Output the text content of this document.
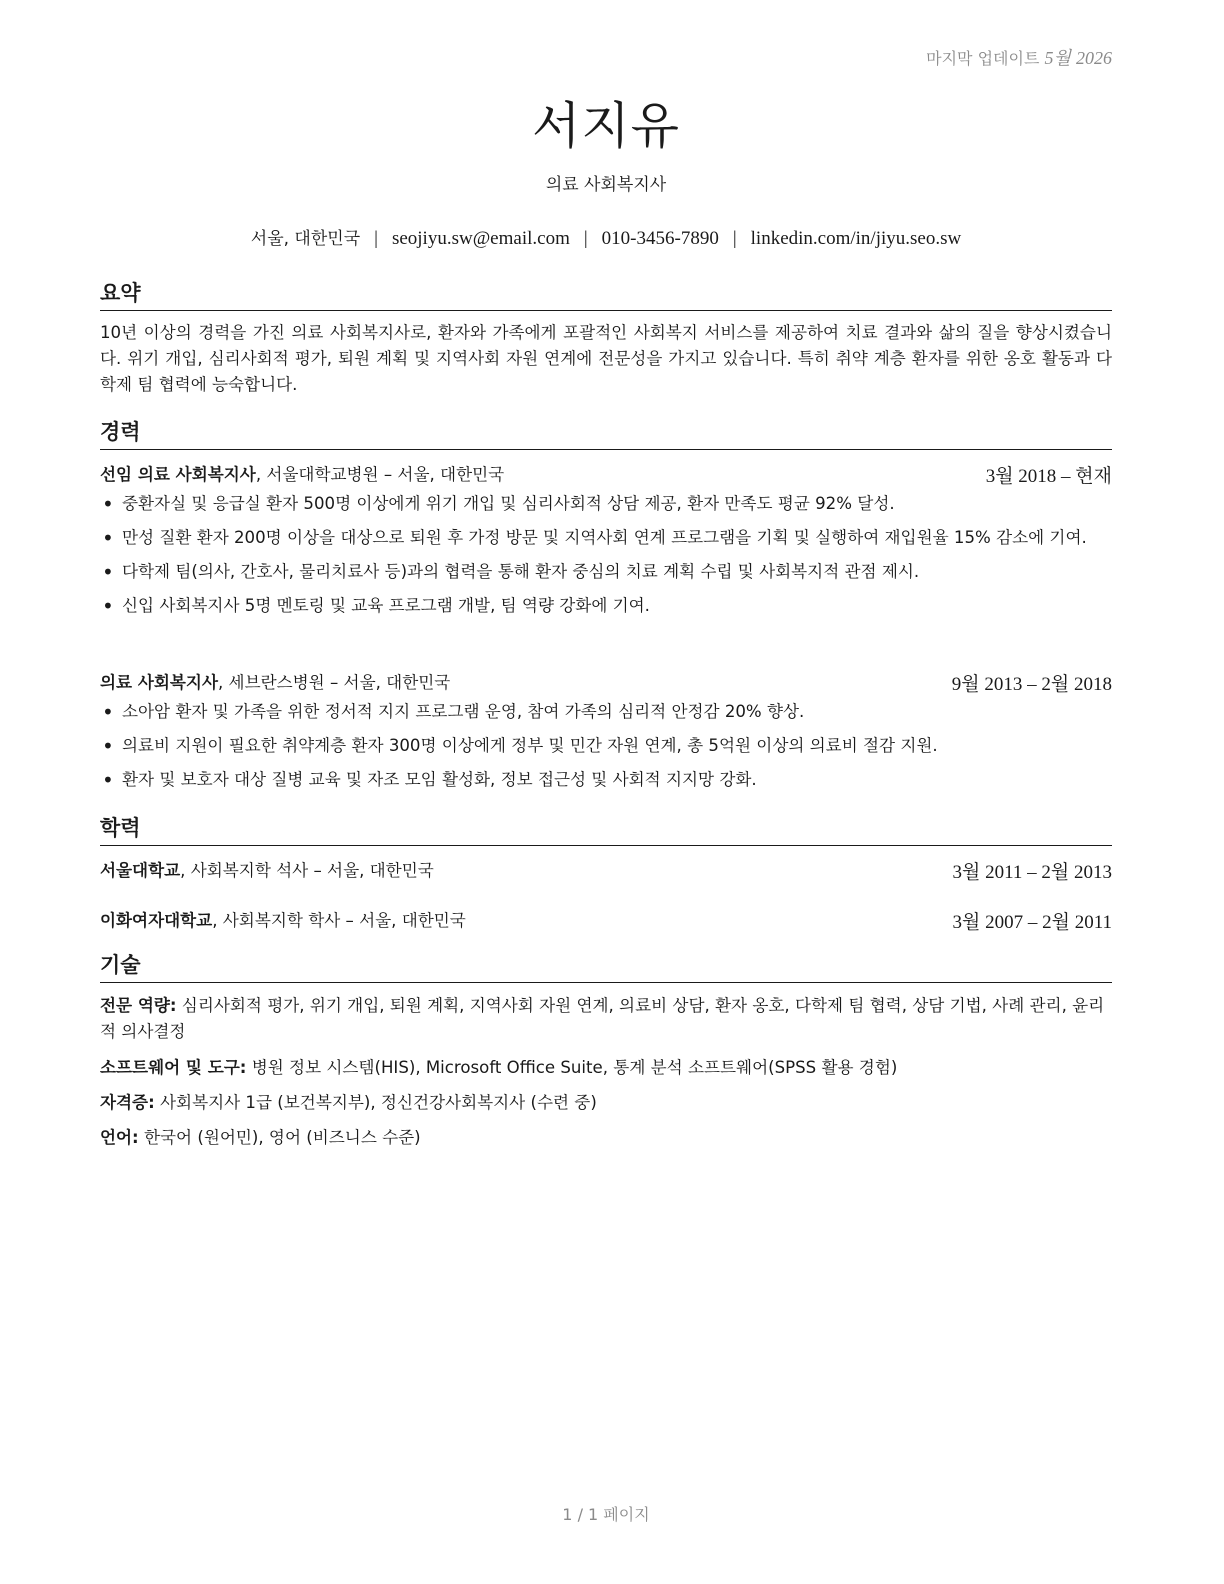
마지막 업데이트 5월 2026
서지유
의료 사회복지사
서울, 대한민국 | seojiyu.sw@email.com | 010-3456-7890 | linkedin.com/in/jiyu.seo.sw
요약

10년 이상의 경력을 가진 의료 사회복지사로, 환자와 가족에게 포괄적인 사회복지 서비스를 제공하여 치료 결과와 삶의 질을 향상시켰습니다. 위기 개입, 심리사회적 평가, 퇴원 계획 및 지역사회 자원 연계에 전문성을 가지고 있습니다. 특히 취약 계층 환자를 위한 옹호 활동과 다학제 팀 협력에 능숙합니다.

경력
선임 의료 사회복지사, 서울대학교병원 – 서울, 대한민국	3월 2018 – 현재
• 중환자실 및 응급실 환자 500명 이상에게 위기 개입 및 심리사회적 상담 제공, 환자 만족도 평균 92% 달성.
• 만성 질환 환자 200명 이상을 대상으로 퇴원 후 가정 방문 및 지역사회 연계 프로그램을 기획 및 실행하여 재입원율 15% 감소에 기여.
• 다학제 팀(의사, 간호사, 물리치료사 등)과의 협력을 통해 환자 중심의 치료 계획 수립 및 사회복지적 관점 제시.
• 신입 사회복지사 5명 멘토링 및 교육 프로그램 개발, 팀 역량 강화에 기여.
의료 사회복지사, 세브란스병원 – 서울, 대한민국	9월 2013 – 2월 2018
• 소아암 환자 및 가족을 위한 정서적 지지 프로그램 운영, 참여 가족의 심리적 안정감 20% 향상.
• 의료비 지원이 필요한 취약계층 환자 300명 이상에게 정부 및 민간 자원 연계, 총 5억원 이상의 의료비 절감 지원.
• 환자 및 보호자 대상 질병 교육 및 자조 모임 활성화, 정보 접근성 및 사회적 지지망 강화.
학력
서울대학교, 사회복지학 석사 – 서울, 대한민국	3월 2011 – 2월 2013
이화여자대학교, 사회복지학 학사 – 서울, 대한민국	3월 2007 – 2월 2011
기술
전문 역량: 심리사회적 평가, 위기 개입, 퇴원 계획, 지역사회 자원 연계, 의료비 상담, 환자 옹호, 다학제 팀 협력, 상담 기법, 사례 관리, 윤리적 의사결정
소프트웨어 및 도구: 병원 정보 시스템(HIS), Microsoft Office Suite, 통계 분석 소프트웨어(SPSS 활용 경험)
자격증: 사회복지사 1급 (보건복지부), 정신건강사회복지사 (수련 중)
언어: 한국어 (원어민), 영어 (비즈니스 수준)
1 / 1 페이지
